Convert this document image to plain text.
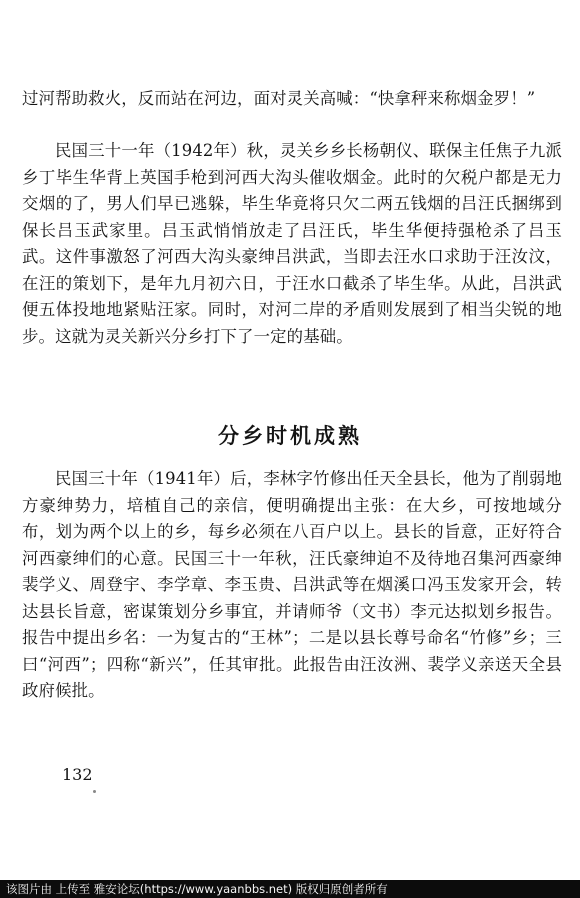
过河帮助救火，反而站在河边，面对灵关高喊：“快拿秤来称烟金罗！”

民国三十一年（1942年）秋，灵关乡乡长杨朝仪、联保主任焦子九派乡丁毕生华背上英国手枪到河西大沟头催收烟金。此时的欠税户都是无力交烟的了，男人们早已逃躲，毕生华竟将只欠二两五钱烟的吕汪氏捆绑到保长吕玉武家里。吕玉武悄悄放走了吕汪氏，毕生华便持强枪杀了吕玉武。这件事激怒了河西大沟头豪绅吕洪武，当即去汪水口求助于汪汝汶，在汪的策划下，是年九月初六日，于汪水口截杀了毕生华。从此，吕洪武便五体投地地紧贴汪家。同时，对河二岸的矛盾则发展到了相当尖锐的地步。这就为灵关新兴分乡打下了一定的基础。

分乡时机成熟

民国三十年（1941年）后，李林字竹修出任天全县长，他为了削弱地方豪绅势力，培植自己的亲信，便明确提出主张：在大乡，可按地域分布，划为两个以上的乡，每乡必须在八百户以上。县长的旨意，正好符合河西豪绅们的心意。民国三十一年秋，汪氏豪绅迫不及待地召集河西豪绅裴学义、周登宇、李学章、李玉贵、吕洪武等在烟溪口冯玉发家开会，转达县长旨意，密谋策划分乡事宜，并请师爷（文书）李元达拟划乡报告。报告中提出乡名：一为复古的“王林”；二是以县长尊号命名“竹修”乡；三曰“河西”；四称“新兴”，任其审批。此报告由汪汝洲、裴学义亲送天全县政府候批。

132
该图片由 上传至 雅安论坛(https://www.yaanbbs.net) 版权归原创者所有
